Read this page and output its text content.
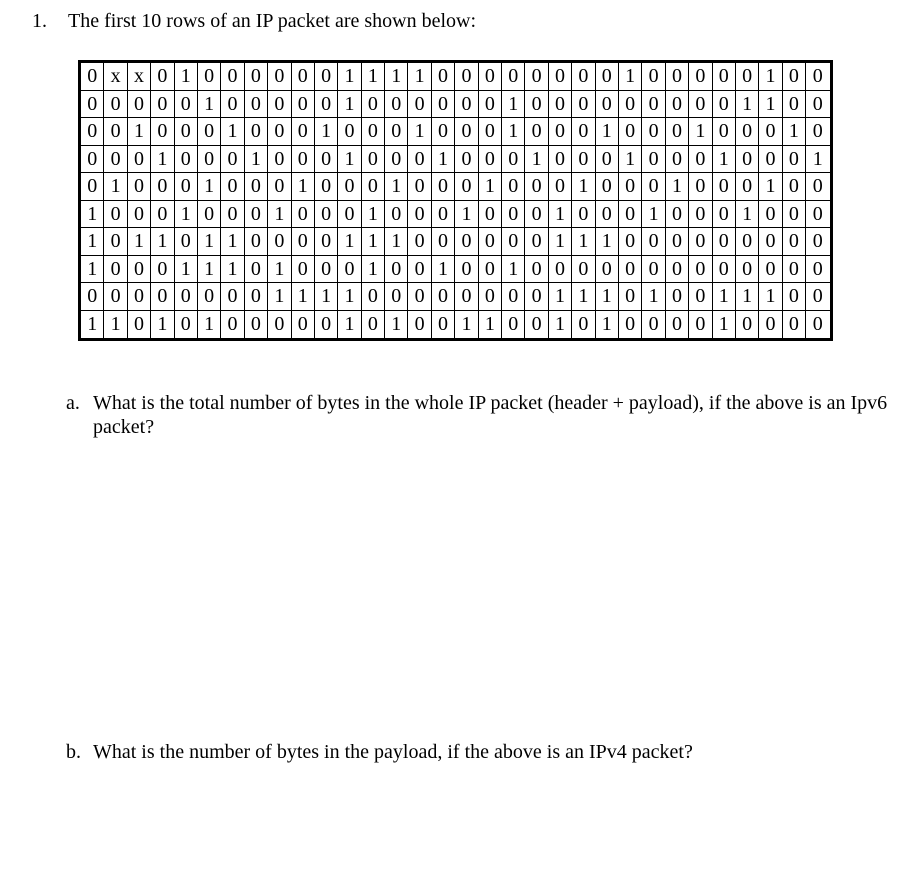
1. The first 10 rows of an IP packet are shown below:
0	x	x	0	1	0	0	0	0	0	0	1	1	1	1	0	0	0	0	0	0	0	0	1	0	0	0	0	0	1	0	0
0	0	0	0	0	1	0	0	0	0	0	1	0	0	0	0	0	0	1	0	0	0	0	0	0	0	0	0	1	1	0	0
0	0	1	0	0	0	1	0	0	0	1	0	0	0	1	0	0	0	1	0	0	0	1	0	0	0	1	0	0	0	1	0
0	0	0	1	0	0	0	1	0	0	0	1	0	0	0	1	0	0	0	1	0	0	0	1	0	0	0	1	0	0	0	1
0	1	0	0	0	1	0	0	0	1	0	0	0	1	0	0	0	1	0	0	0	1	0	0	0	1	0	0	0	1	0	0
1	0	0	0	1	0	0	0	1	0	0	0	1	0	0	0	1	0	0	0	1	0	0	0	1	0	0	0	1	0	0	0
1	0	1	1	0	1	1	0	0	0	0	1	1	1	0	0	0	0	0	0	1	1	1	0	0	0	0	0	0	0	0	0
1	0	0	0	1	1	1	0	1	0	0	0	1	0	0	1	0	0	1	0	0	0	0	0	0	0	0	0	0	0	0	0
0	0	0	0	0	0	0	0	1	1	1	1	0	0	0	0	0	0	0	0	1	1	1	0	1	0	0	1	1	1	0	0
1	1	0	1	0	1	0	0	0	0	0	1	0	1	0	0	1	1	0	0	1	0	1	0	0	0	0	1	0	0	0	0
a. What is the total number of bytes in the whole IP packet (header + payload), if the above is an Ipv6 packet?
b. What is the number of bytes in the payload, if the above is an IPv4 packet?
